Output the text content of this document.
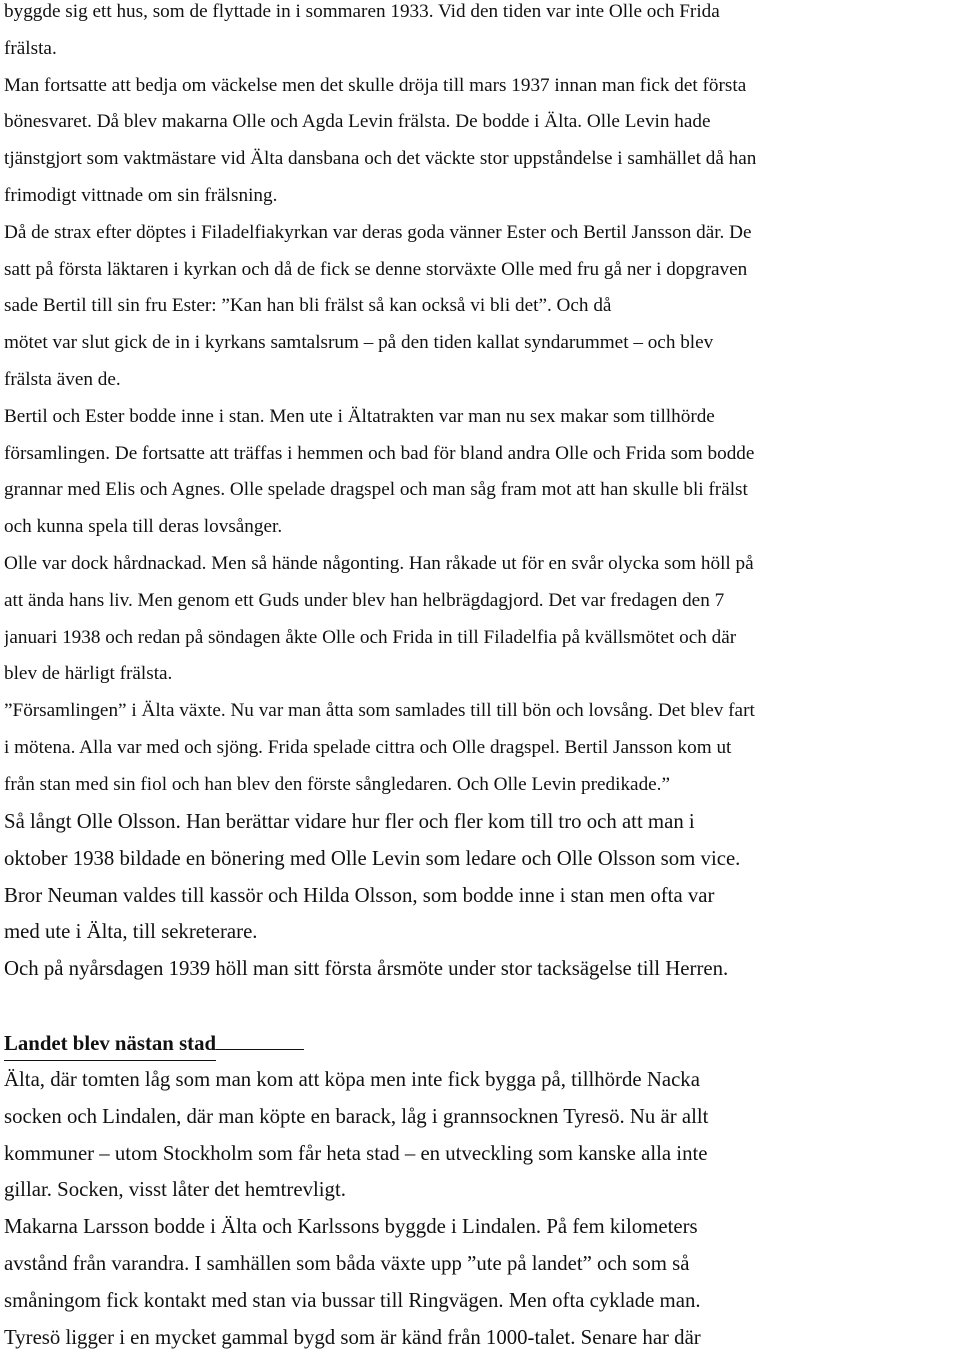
byggde sig ett hus, som de flyttade in i sommaren 1933. Vid den tiden var inte Olle och Frida
frälsta.
Man fortsatte att bedja om väckelse men det skulle dröja till mars 1937 innan man fick det första
bönesvaret. Då blev makarna Olle och Agda Levin frälsta. De bodde i Älta. Olle Levin hade
tjänstgjort som vaktmästare vid Älta dansbana och det väckte stor uppståndelse i samhället då han
frimodigt vittnade om sin frälsning.
Då de strax efter döptes i Filadelfiakyrkan var deras goda vänner Ester och Bertil Jansson där. De
satt på första läktaren i kyrkan och då de fick se denne storväxte Olle med fru gå ner i dopgraven
sade Bertil till sin fru Ester: ”Kan han bli frälst så kan också vi bli det”. Och då
mötet var slut gick de in i kyrkans samtalsrum – på den tiden kallat syndarummet – och blev
frälsta även de.
Bertil och Ester bodde inne i stan. Men ute i Ältatrakten var man nu sex makar som tillhörde
församlingen. De fortsatte att träffas i hemmen och bad för bland andra Olle och Frida som bodde
grannar med Elis och Agnes. Olle spelade dragspel och man såg fram mot att han skulle bli frälst
och kunna spela till deras lovsånger.
Olle var dock hårdnackad. Men så hände någonting. Han råkade ut för en svår olycka som höll på
att ända hans liv. Men genom ett Guds under blev han helbrägdagjord. Det var fredagen den 7
januari 1938 och redan på söndagen åkte Olle och Frida in till Filadelfia på kvällsmötet och där
blev de härligt frälsta.
”Församlingen” i Älta växte. Nu var man åtta som samlades till till bön och lovsång. Det blev fart
i mötena. Alla var med och sjöng. Frida spelade cittra och Olle dragspel. Bertil Jansson kom ut
från stan med sin fiol och han blev den förste sångledaren. Och Olle Levin predikade.”
Så långt Olle Olsson. Han berättar vidare hur fler och fler kom till tro och att man i
oktober 1938 bildade en bönering med Olle Levin som ledare och Olle Olsson som vice.
Bror Neuman valdes till kassör och Hilda Olsson, som bodde inne i stan men ofta var
med ute i Älta, till sekreterare.
Och på nyårsdagen 1939 höll man sitt första årsmöte under stor tacksägelse till Herren.
Landet blev nästan stad
Älta, där tomten låg som man kom att köpa men inte fick bygga på, tillhörde Nacka
socken och Lindalen, där man köpte en barack, låg i grannsocknen Tyresö. Nu är allt
kommuner – utom Stockholm som får heta stad – en utveckling som kanske alla inte
gillar. Socken, visst låter det hemtrevligt.
Makarna Larsson bodde i Älta och Karlssons byggde i Lindalen. På fem kilometers
avstånd från varandra. I samhällen som båda växte upp ”ute på landet” och som så
småningom fick kontakt med stan via bussar till Ringvägen. Men ofta cyklade man.
Tyresö ligger i en mycket gammal bygd som är känd från 1000-talet. Senare har där
